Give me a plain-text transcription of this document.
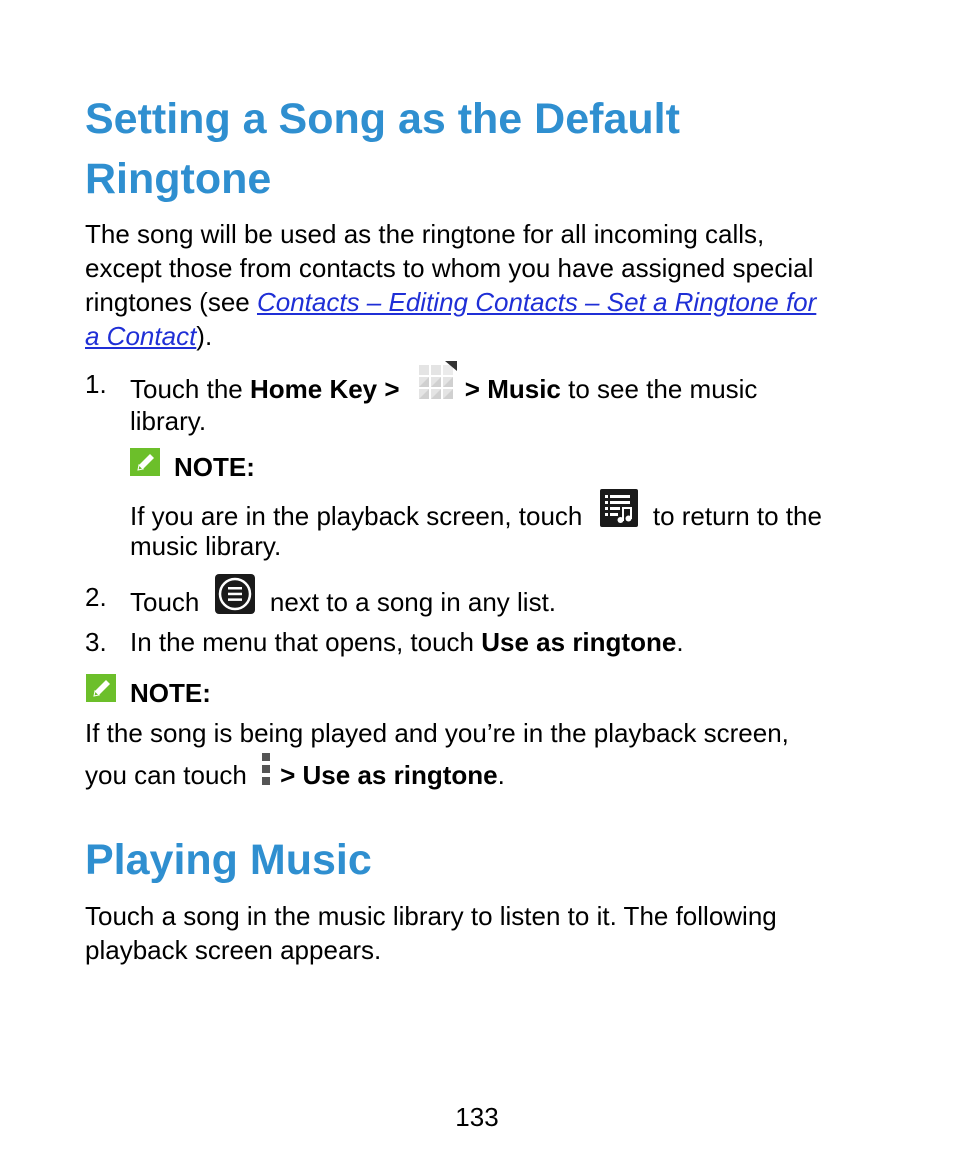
Setting a Song as the Default
Ringtone

The song will be used as the ringtone for all incoming calls,
except those from contacts to whom you have assigned special
ringtones (see Contacts – Editing Contacts – Set a Ringtone for
a Contact).

1. Touch the Home Key >	> Music to see the music
library.
NOTE:
If you are in the playback screen, touch	to return to the
music library.
2. Touch	next to a song in any list.
3. In the menu that opens, touch Use as ringtone.
NOTE:

If the song is being played and you’re in the playback screen,

you can touch > Use as ringtone.
Playing Music

Touch a song in the music library to listen to it. The following
playback screen appears.

133
